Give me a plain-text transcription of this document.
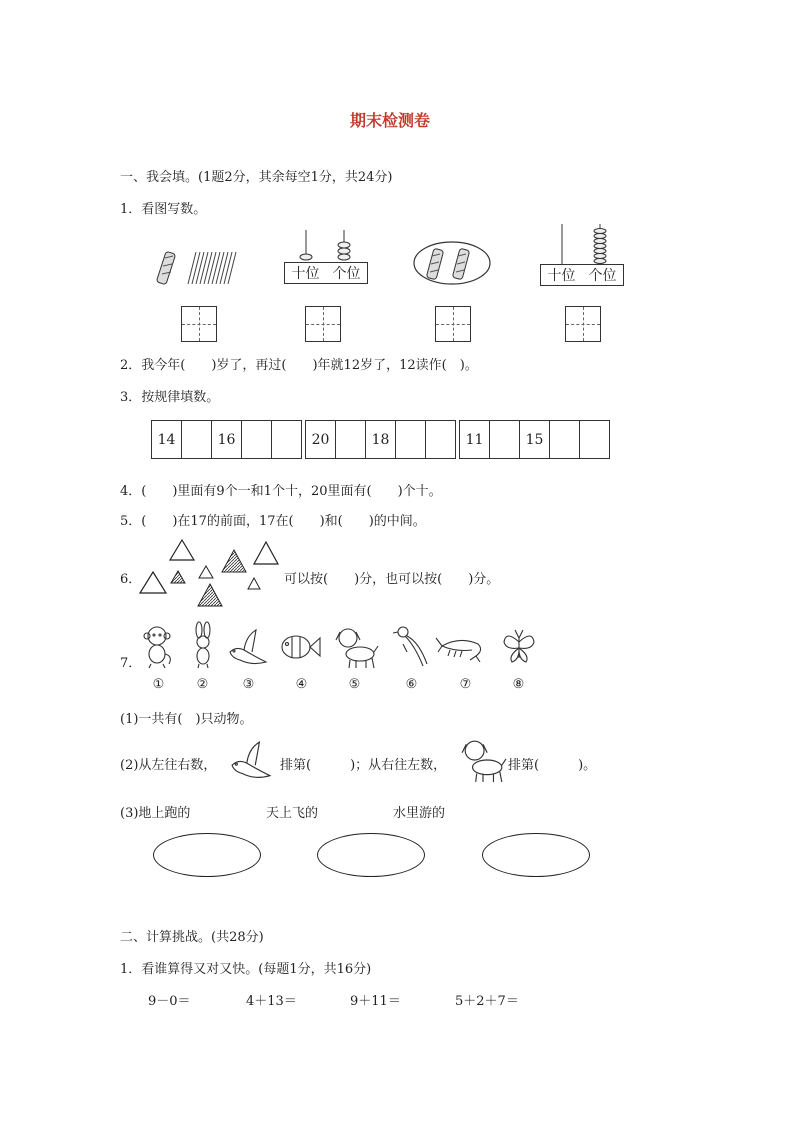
期末检测卷
一、我会填。(1题2分，其余每空1分，共24分)
1．看图写数。
十位 个位	十位 个位
2．我今年(　　)岁了，再过(　　)年就12岁了，12读作(　)。
3．按规律填数。
14	16	20	18	11	15
4．(　　)里面有9个一和1个十，20里面有(　　)个十。
5．(　　)在17的前面，17在(　　)和(　　)的中间。
6．	可以按(　　)分，也可以按(　　)分。
7．
① ②	③	④	⑤	⑥	⑦	⑧
(1)一共有(　)只动物。
(2)从左往右数，	排第(　　　)；从右往左数，	排第(　　　)。
(3)地上跑的	天上飞的	水里游的
二、计算挑战。(共28分)
1．看谁算得又对又快。(每题1分，共16分)
9－0＝	4＋13＝	9＋11＝	5＋2＋7＝
